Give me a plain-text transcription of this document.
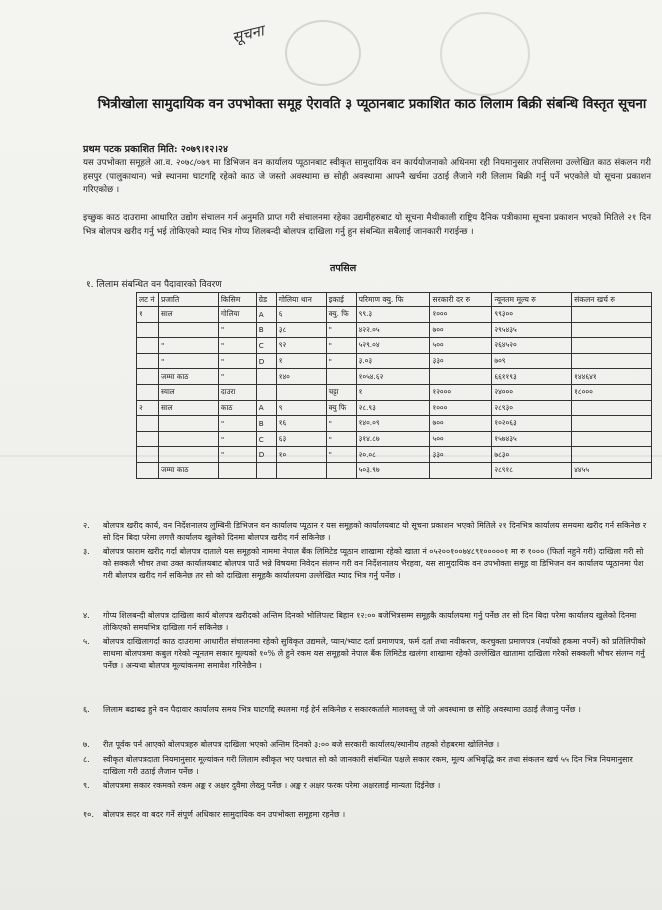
सूचना
भित्रीखोला सामुदायिक वन उपभोक्ता समूह ऐरावति ३ प्यूठानबाट प्रकाशित काठ लिलाम बिक्री संबन्धि विस्तृत सूचना
प्रथम पटक प्रकाशित मिति: २०७९।१२।२४
यस उपभोक्ता समूहले आ.व. २०७८/०७९ मा डिभिजन वन कार्यालय प्यूठानबाट स्वीकृत सामुदायिक वन कार्ययोजनाको अधिनमा रही नियमानुसार तपसिलमा उल्लेखित काठ संकलन गरी हसपुर (पालुकाथान) भन्ने स्थानमा घाटगद्दि रहेको काठ जे जस्तो अवस्थामा छ सोही अवस्थामा आफ्नै खर्चमा उठाई लैजाने गरी लिलाम बिक्री गर्नु पर्ने भएकोले यो सूचना प्रकाशन गरिएकोछ ।
इच्छुक काठ दाउरामा आधारित उद्योग संचालन गर्न अनुमति प्राप्त गरी संचालनमा रहेका उद्यमीहरुबाट यो सूचना मैथीकाली राष्ट्रिय दैनिक पत्रीकामा सूचना प्रकाशन भएको मितिले २१ दिन भित्र बोलपत्र खरीद गर्नु भई तोकिएको म्याद भित्र गोप्य शिलबन्दी बोलपत्र दाखिला गर्नु हुन संबन्धित सबैलाई जानकारी गराईन्छ ।
तपसिल
१. लिलाम संबन्धित वन पैदावारको विवरण
लट नं	प्रजाति	किसिम	ग्रेड	गोलिया थान	इकाई	परिमाण क्यु. फि	सरकारी दर रु	न्यूनतम मूल्य रु	संकलन खर्च रु
१	साल	गोलिया	A	६	क्यु. फि	९९.३	१०००	९९३००	
		"	B	३८	"	४२२.०५	७००	२९५४३५	
	"	"	C	९२	"	५२९.०४	५००	२६४५२०	
	"	"	D	१	"	३.०३	३३०	७०९	
	जम्मा काठ	"		१४०		१०५४.६२		६६११९३	१४४६४१
	स्याल	दाउरा			चट्टा	१	१२०००	२४०००	१८०००
२	साल	काठ	A	९	क्यु फि	२८.९३	१०००	२८९३०	
		"	B	१६	"	१४०.०९	७००	१०२०६३	
		"	C	६३	"	३१४.८७	५००	१५७४३५	
		"	D	१०	"	२०.०८	३३०	७८३०	
	जम्मा काठ					५०३.९७		२८९१८	४४५५
२. बोलपत्र खरीद कार्य, वन निर्देशनालय लुम्बिनी डिभिजन वन कार्यालय प्यूठान र यस समूहको कार्यालयबाट यो सूचना प्रकाशन भएको मितिले २१ दिनभित्र कार्यालय समयमा खरीद गर्न सकिनेछ र सो दिन बिदा परेमा लगत्तै कार्यालय खुलेको दिनमा बोलपत्र खरीद गर्न सकिनेछ ।
३. बोलपत्र फाराम खरीद गर्दा बोलपत्र दाताले यस समूहको नाममा नेपाल बैंक लिमिटेड प्यूठान शाखामा रहेको खाता नं ०५२००१००७४८९१०००००१ मा रु १००० (फिर्ता नहुने गरी) दाखिला गरी सो को सक्कलै भौचर तथा उक्त कार्यालयबाट बोलपत्र पाउँ भन्ने विषयमा निवेदन संलग्न गरी वन निर्देशनालय भैरहवा, यस सामुदायिक वन उपभोक्ता समूह वा डिभिजन वन कार्यालय प्यूठानमा पेश गरी बोलपत्र खरीद गर्न सकिनेछ तर सो को दाखिला समूहकै कार्यालयमा उल्लेखित म्याद भित्र गर्नु पर्नेछ ।
४. गोप्य शिलबन्दी बोलपत्र दाखिला कार्य बोलपत्र खरीदको अन्तिम दिनको भोलिपल्ट बिहान १२:०० बजेभित्रसम्म समूहकै कार्यालयमा गर्नु पर्नेछ तर सो दिन बिदा परेमा कार्यालय खुलेको दिनमा तोकिएको समयभित्र दाखिला गर्न सकिनेछ ।
५. बोलपत्र दाखिलागर्दा काठ दाउरामा आधारीत संचालनमा रहेको सुविकृत उद्यमले, प्यान/भ्याट दर्ता प्रमाणपत्र, फर्म दर्ता तथा नवीकरण, करचुक्ता प्रमाणपत्र (नयाँको हकमा नपर्ने) को प्रतिलिपीको साथमा बोलपत्रमा कबुल गरेको न्यूनतम सकार मूल्यको १०% ले हुने रकम यस समूहको नेपाल बैंक लिमिटेड खलंगा शाखामा रहेको उल्लेखित खातामा दाखिला गरेको सक्कली भौचर संलग्न गर्नु पर्नेछ । अन्यथा बोलपत्र मूल्यांकनमा समावेश गरिनेछैन ।
६. लिलाम बढाबढ हुने वन पैदावार कार्यालय समय भित्र घाटगद्दि स्थलमा गई हेर्न सकिनेछ र सकारकर्ताले मालवस्तु जे जो अवस्थामा छ सोहि अवस्थामा उठाई लैजानु पर्नेछ ।
७. रीत पूर्वक पर्न आएको बोलपत्रहरु बोलपत्र दाखिला भएको अन्तिम दिनको ३:०० बजे सरकारी कार्यालय/स्थानीय तहको रोहबरमा खोलिनेछ ।
८. स्वीकृत बोलपत्रदाता नियमानुसार मूल्यांकन गरी लिलाम स्वीकृत भए पश्चात सो को जानकारी संबन्धित पक्षले सकार रकम, मूल्य अभिबृद्धि कर तथा संकलन खर्च ५५ दिन भित्र नियमानुसार दाखिला गरी उठाई लैजान पर्नेछ ।
९. बोलपत्रमा सकार रकमको रकम अङ्क र अक्षर दुवैमा लेख्नु पर्नेछ । अङ्क र अक्षर फरक परेमा अक्षरलाई मान्यता दिईनेछ ।
१०. बोलपत्र सदर वा बदर गर्ने संपूर्ण अधिकार सामुदायिक वन उपभोक्ता समूहमा रहनेछ ।
